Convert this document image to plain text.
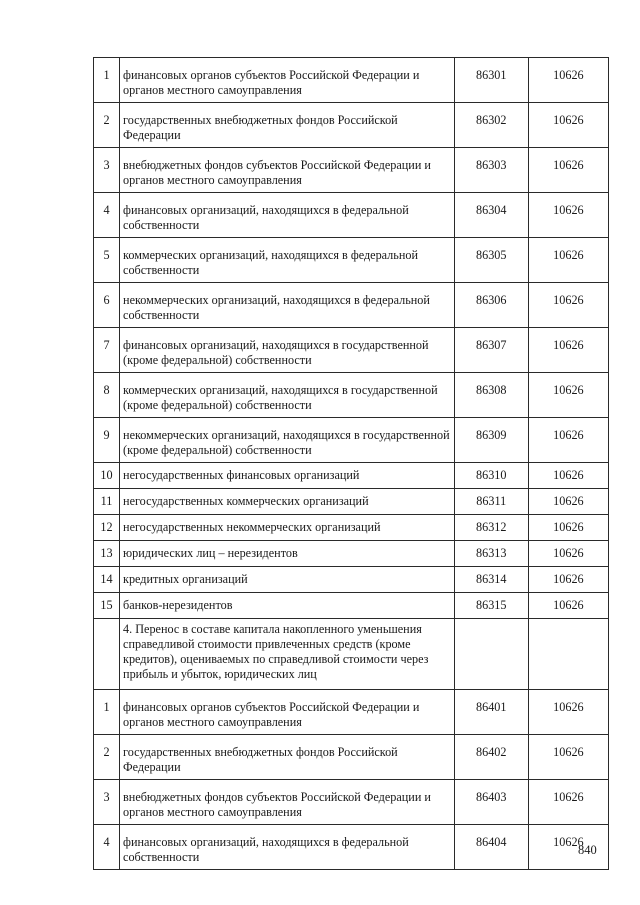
1	финансовых органов субъектов Российской Федерации и органов местного самоуправления	86301	10626
2	государственных внебюджетных фондов Российской Федерации	86302	10626
3	внебюджетных фондов субъектов Российской Федерации и органов местного самоуправления	86303	10626
4	финансовых организаций, находящихся в федеральной собственности	86304	10626
5	коммерческих организаций, находящихся в федеральной собственности	86305	10626
6	некоммерческих организаций, находящихся в федеральной собственности	86306	10626
7	финансовых организаций, находящихся в государственной (кроме федеральной) собственности	86307	10626
8	коммерческих организаций, находящихся в государственной (кроме федеральной) собственности	86308	10626
9	некоммерческих организаций, находящихся в государственной (кроме федеральной) собственности	86309	10626
10	негосударственных финансовых организаций	86310	10626
11	негосударственных коммерческих организаций	86311	10626
12	негосударственных некоммерческих организаций	86312	10626
13	юридических лиц – нерезидентов	86313	10626
14	кредитных организаций	86314	10626
15	банков-нерезидентов	86315	10626
	4. Перенос в составе капитала накопленного уменьшения справедливой стоимости привлеченных средств (кроме кредитов), оцениваемых по справедливой стоимости через прибыль и убыток, юридических лиц		
1	финансовых органов субъектов Российской Федерации и органов местного самоуправления	86401	10626
2	государственных внебюджетных фондов Российской Федерации	86402	10626
3	внебюджетных фондов субъектов Российской Федерации и органов местного самоуправления	86403	10626
4	финансовых организаций, находящихся в федеральной собственности	86404	10626
840
